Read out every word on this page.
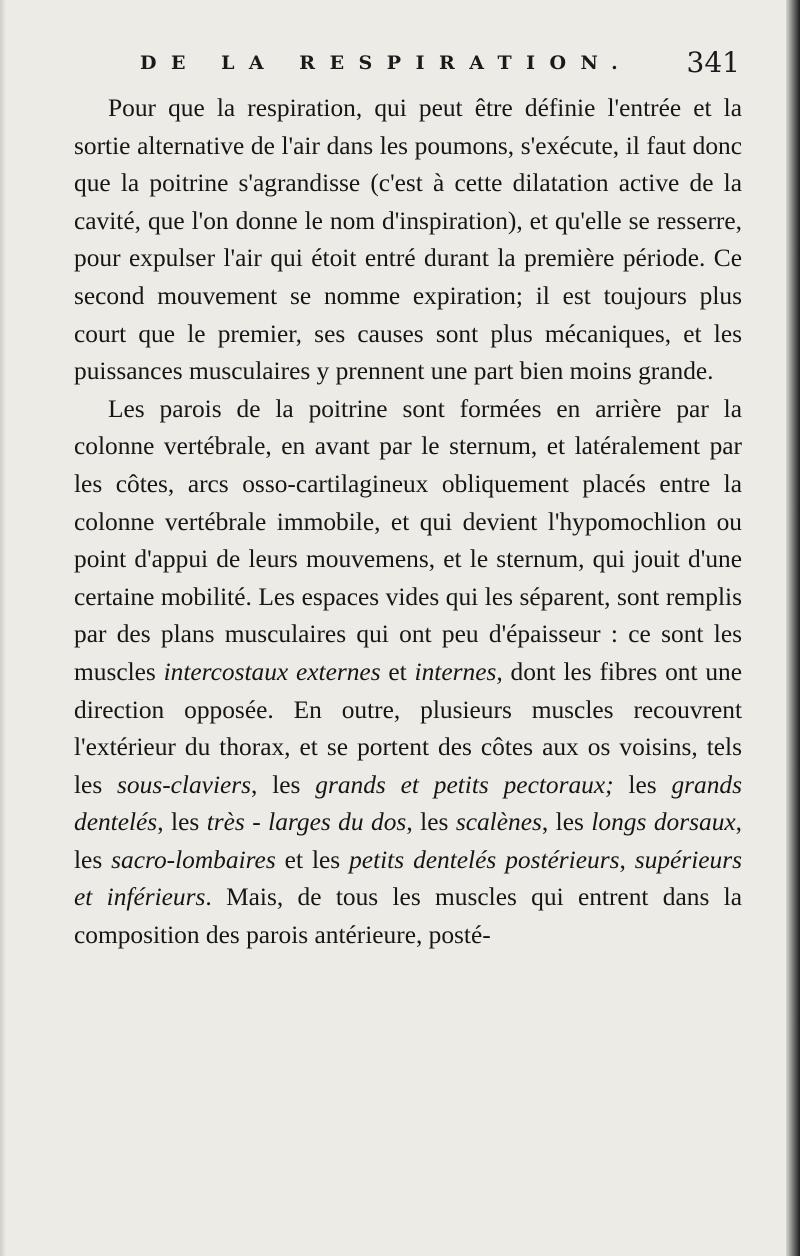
DE LA RESPIRATION. 341

Pour que la respiration, qui peut être définie l'entrée et la sortie alternative de l'air dans les poumons, s'exécute, il faut donc que la poitrine s'agrandisse (c'est à cette dilatation active de la cavité, que l'on donne le nom d'inspiration), et qu'elle se resserre, pour expulser l'air qui étoit entré durant la première période. Ce second mouvement se nomme expiration; il est toujours plus court que le premier, ses causes sont plus mécaniques, et les puissances musculaires y prennent une part bien moins grande.

Les parois de la poitrine sont formées en arrière par la colonne vertébrale, en avant par le sternum, et latéralement par les côtes, arcs osso-cartilagineux obliquement placés entre la colonne vertébrale immobile, et qui devient l'hypomochlion ou point d'appui de leurs mouvemens, et le sternum, qui jouit d'une certaine mobilité. Les espaces vides qui les séparent, sont remplis par des plans musculaires qui ont peu d'épaisseur : ce sont les muscles intercostaux externes et internes, dont les fibres ont une direction opposée. En outre, plusieurs muscles recouvrent l'extérieur du thorax, et se portent des côtes aux os voisins, tels les sous-claviers, les grands et petits pectoraux; les grands dentelés, les très - larges du dos, les scalènes, les longs dorsaux, les sacro-lombaires et les petits dentelés postérieurs, supérieurs et inférieurs. Mais, de tous les muscles qui entrent dans la composition des parois antérieure, posté-
